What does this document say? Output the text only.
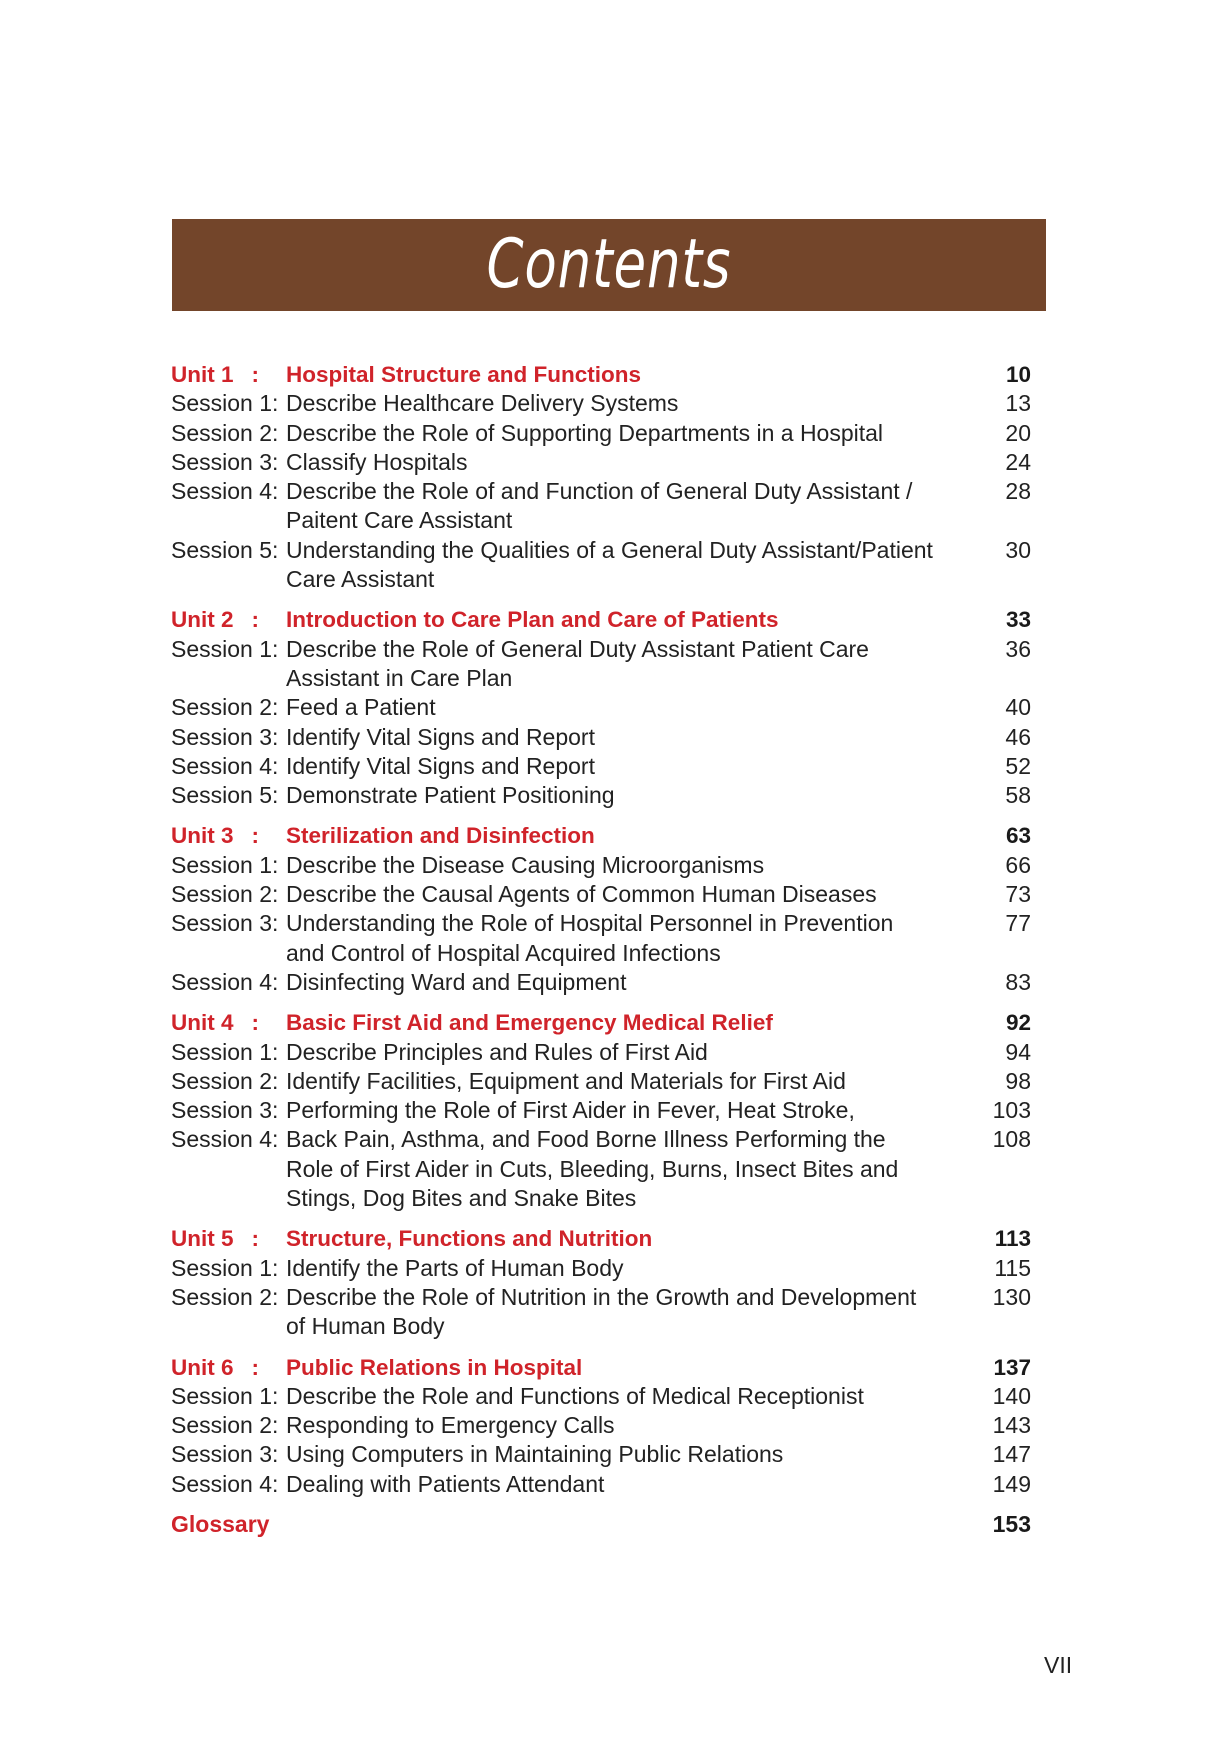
Contents
Unit 1 : Hospital Structure and Functions	10
Session 1: Describe Healthcare Delivery Systems	13
Session 2: Describe the Role of Supporting Departments in a Hospital	20
Session 3: Classify Hospitals	24
Session 4: Describe the Role of and Function of General Duty Assistant /	28
Paitent Care Assistant
Session 5: Understanding the Qualities of a General Duty Assistant/Patient	30
Care Assistant
Unit 2 : Introduction to Care Plan and Care of Patients	33
Session 1: Describe the Role of General Duty Assistant Patient Care	36
Assistant in Care Plan
Session 2: Feed a Patient	40
Session 3: Identify Vital Signs and Report	46
Session 4: Identify Vital Signs and Report	52
Session 5: Demonstrate Patient Positioning	58
Unit 3 : Sterilization and Disinfection	63
Session 1: Describe the Disease Causing Microorganisms	66
Session 2: Describe the Causal Agents of Common Human Diseases	73
Session 3: Understanding the Role of Hospital Personnel in Prevention	77
and Control of Hospital Acquired Infections
Session 4: Disinfecting Ward and Equipment	83
Unit 4 : Basic First Aid and Emergency Medical Relief	92
Session 1: Describe Principles and Rules of First Aid	94
Session 2: Identify Facilities, Equipment and Materials for First Aid	98
Session 3: Performing the Role of First Aider in Fever, Heat Stroke,	103
Session 4: Back Pain, Asthma, and Food Borne Illness Performing the	108
Role of First Aider in Cuts, Bleeding, Burns, Insect Bites and
Stings, Dog Bites and Snake Bites
Unit 5 : Structure, Functions and Nutrition	113
Session 1: Identify the Parts of Human Body	115
Session 2: Describe the Role of Nutrition in the Growth and Development	130
of Human Body
Unit 6 : Public Relations in Hospital	137
Session 1: Describe the Role and Functions of Medical Receptionist	140
Session 2: Responding to Emergency Calls	143
Session 3: Using Computers in Maintaining Public Relations	147
Session 4: Dealing with Patients Attendant	149
Glossary	153
VII
